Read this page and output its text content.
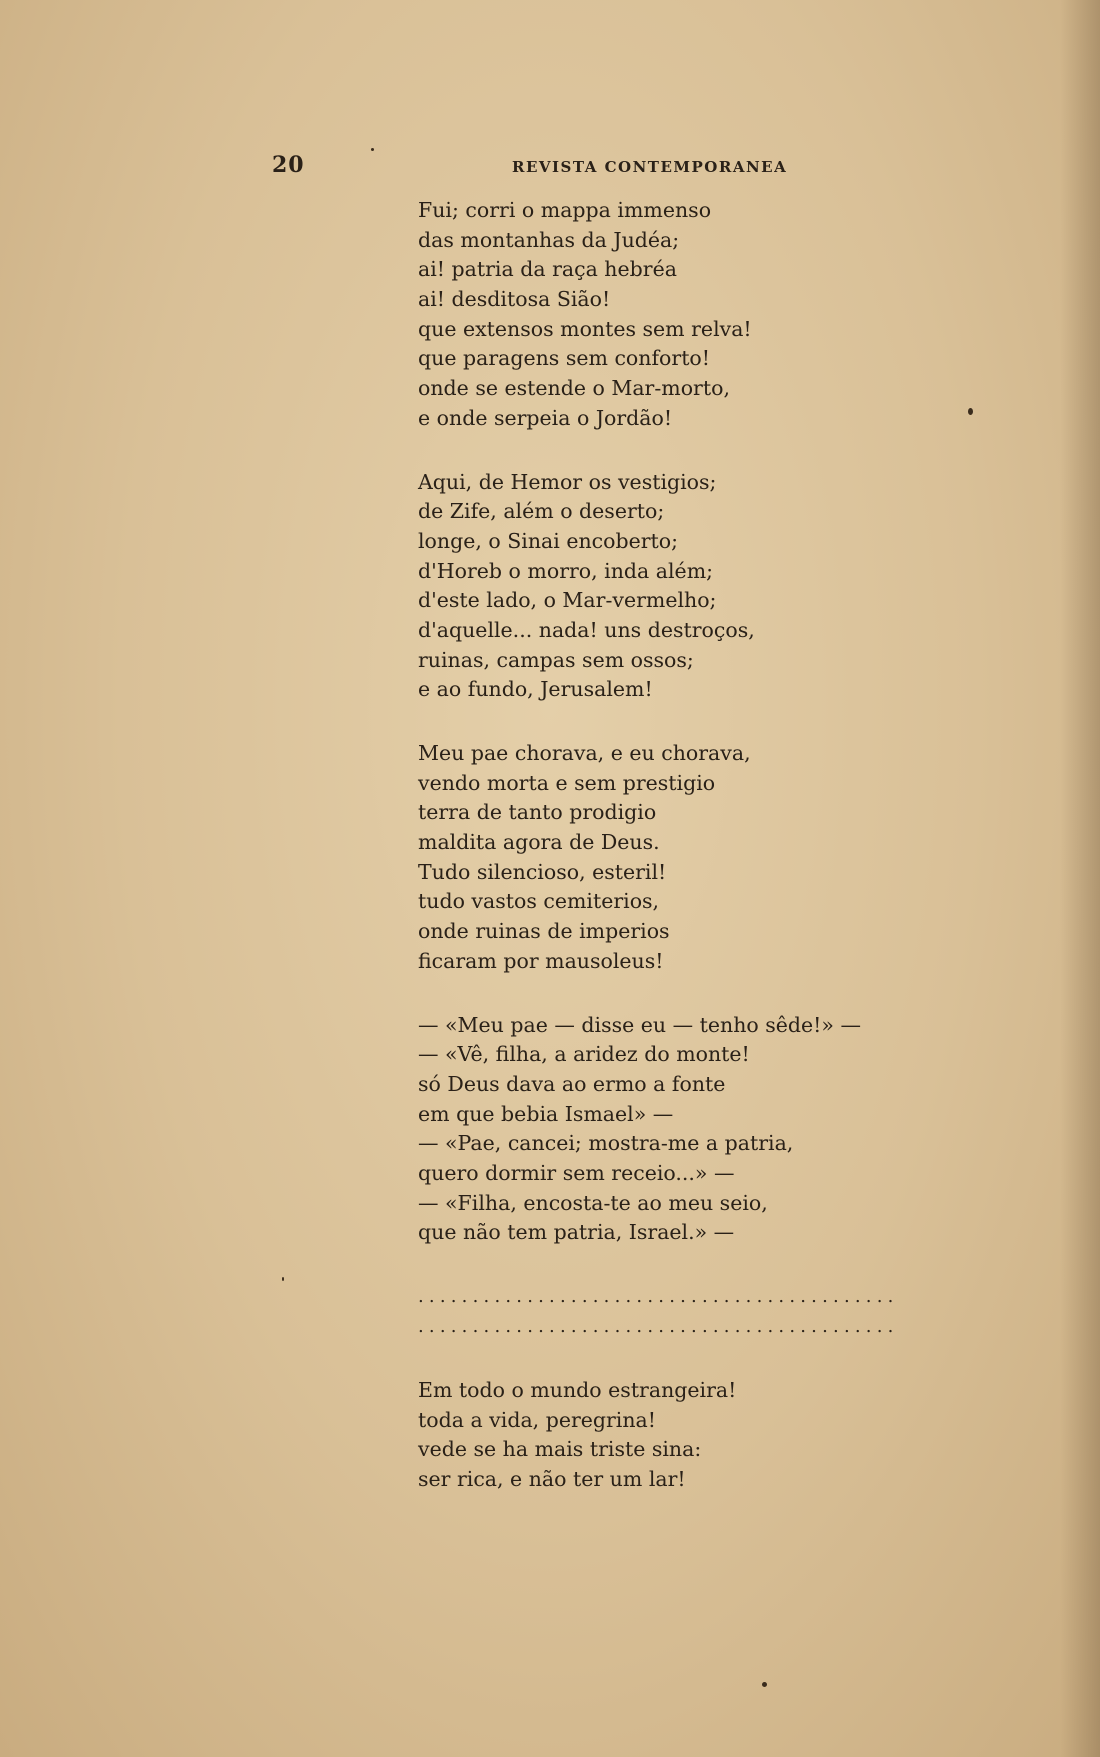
20	REVISTA CONTEMPORANEA
Fui; corri o mappa immenso
das montanhas da Judéa;
ai! patria da raça hebréa
ai! desditosa Sião!
que extensos montes sem relva!
que paragens sem conforto!
onde se estende o Mar-morto,
e onde serpeia o Jordão!
Aqui, de Hemor os vestigios;
de Zife, além o deserto;
longe, o Sinai encoberto;
d'Horeb o morro, inda além;
d'este lado, o Mar-vermelho;
d'aquelle... nada! uns destroços,
ruinas, campas sem ossos;
e ao fundo, Jerusalem!
Meu pae chorava, e eu chorava,
vendo morta e sem prestigio
terra de tanto prodigio
maldita agora de Deus.
Tudo silencioso, esteril!
tudo vastos cemiterios,
onde ruinas de imperios
ficaram por mausoleus!
— «Meu pae — disse eu — tenho sêde!» —
— «Vê, filha, a aridez do monte!
só Deus dava ao ermo a fonte
em que bebia Ismael» —
— «Pae, cancei; mostra-me a patria,
quero dormir sem receio...» —
— «Filha, encosta-te ao meu seio,
que não tem patria, Israel.» —
............................................
............................................
Em todo o mundo estrangeira!
toda a vida, peregrina!
vede se ha mais triste sina:
ser rica, e não ter um lar!
